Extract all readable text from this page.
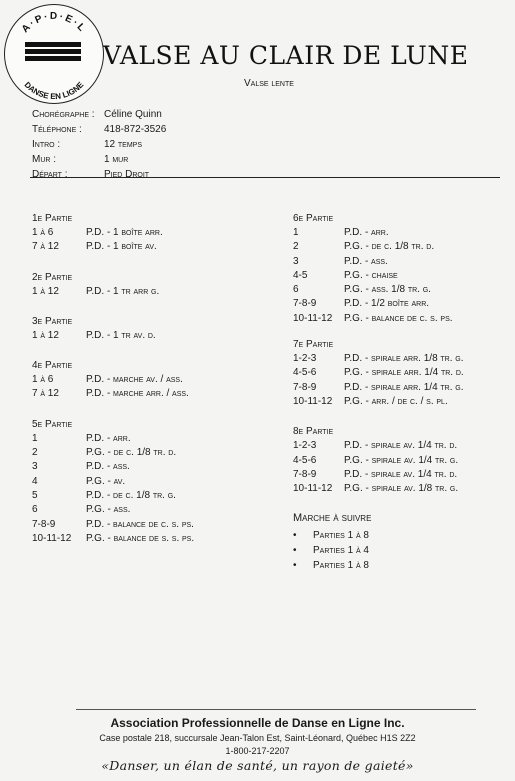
A·P·D·E·L
DANSE EN LIGNE
VALSE AU CLAIR DE LUNE
Valse lente
Chorégraphe : Céline Quinn
Téléphone : 418-872-3526
Intro :	12 temps
Mur :	1 mur
Départ :	Pied Droit
1e Partie
1 à 6	P.D. - 1 boîte arr.
7 à 12	P.D. - 1 boîte av.
2e Partie
1 à 12	P.D. - 1 tr arr g.
3e Partie
1 à 12	P.D. - 1 tr av. d.
4e Partie
1 à 6	P.D. - marche av. / ass.
7 à 12	P.D. - marche arr. / ass.
5e Partie
1	P.D. - arr.
2	P.G. - de c. 1/8 tr. d.
3	P.D. - ass.
4	P.G. - av.
5	P.D. - de c. 1/8 tr. g.
6	P.G. - ass.
7-8-9	P.D. - balance de c. s. ps.
10-11-12	P.G. - balance de s. s. ps.
6e Partie
1	P.D. - arr.
2	P.G. - de c. 1/8 tr. d.
3	P.D. - ass.
4-5	P.G. - chaise
6	P.G. - ass. 1/8 tr. g.
7-8-9	P.D. - 1/2 boîte arr.
10-11-12	P.G. - balance de c. s. ps.
7e Partie
1-2-3	P.D. - spirale arr. 1/8 tr. g.
4-5-6	P.G. - spirale arr. 1/4 tr. d.
7-8-9	P.D. - spirale arr. 1/4 tr. g.
10-11-12	P.G. - arr. / de c. / s. pl.
8e Partie
1-2-3	P.D. - spirale av. 1/4 tr. d.
4-5-6	P.G. - spirale av. 1/4 tr. g.
7-8-9	P.D. - spirale av. 1/4 tr. d.
10-11-12	P.G. - spirale av. 1/8 tr. g.
Marche à suivre
•	Parties 1 à 8
•	Parties 1 à 4
•	Parties 1 à 8
Association Professionnelle de Danse en Ligne Inc.
Case postale 218, succursale Jean-Talon Est, Saint-Léonard, Québec H1S 2Z2
1-800-217-2207
«Danser, un élan de santé, un rayon de gaieté»
